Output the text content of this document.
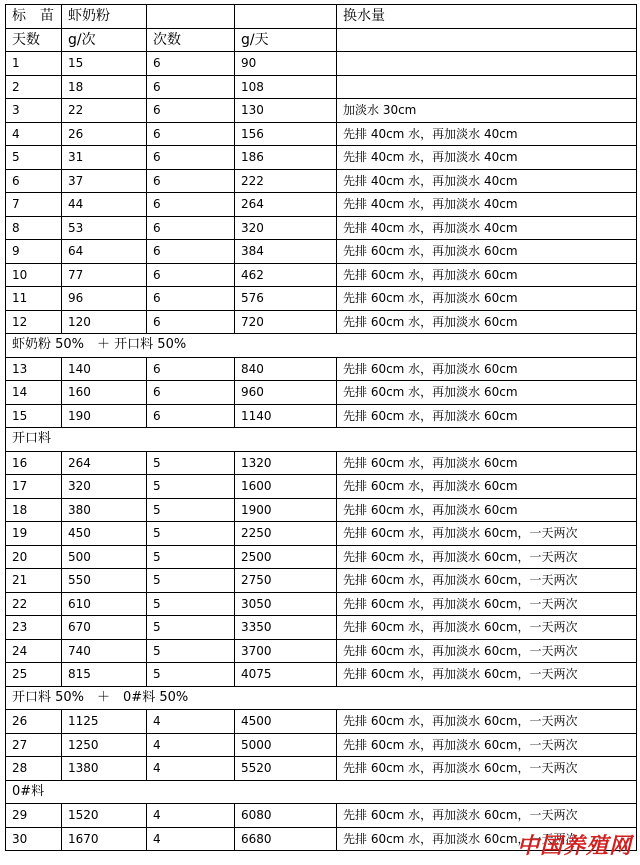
标　苗	虾奶粉			换水量
天数	g/次	次数	g/天	
1	15	6	90	
2	18	6	108	
3	22	6	130	加淡水 30cm
4	26	6	156	先排 40cm 水，再加淡水 40cm
5	31	6	186	先排 40cm 水，再加淡水 40cm
6	37	6	222	先排 40cm 水，再加淡水 40cm
7	44	6	264	先排 40cm 水，再加淡水 40cm
8	53	6	320	先排 40cm 水，再加淡水 40cm
9	64	6	384	先排 60cm 水，再加淡水 60cm
10	77	6	462	先排 60cm 水，再加淡水 60cm
11	96	6	576	先排 60cm 水，再加淡水 60cm
12	120	6	720	先排 60cm 水，再加淡水 60cm
虾奶粉 50%　＋ 开口料 50%				
13	140	6	840	先排 60cm 水，再加淡水 60cm
14	160	6	960	先排 60cm 水，再加淡水 60cm
15	190	6	1140	先排 60cm 水，再加淡水 60cm
开口料				
16	264	5	1320	先排 60cm 水，再加淡水 60cm
17	320	5	1600	先排 60cm 水，再加淡水 60cm
18	380	5	1900	先排 60cm 水，再加淡水 60cm
19	450	5	2250	先排 60cm 水，再加淡水 60cm，一天两次
20	500	5	2500	先排 60cm 水，再加淡水 60cm，一天两次
21	550	5	2750	先排 60cm 水，再加淡水 60cm，一天两次
22	610	5	3050	先排 60cm 水，再加淡水 60cm，一天两次
23	670	5	3350	先排 60cm 水，再加淡水 60cm，一天两次
24	740	5	3700	先排 60cm 水，再加淡水 60cm，一天两次
25	815	5	4075	先排 60cm 水，再加淡水 60cm，一天两次
开口料 50%　＋　0#料 50%				
26	1125	4	4500	先排 60cm 水，再加淡水 60cm，一天两次
27	1250	4	5000	先排 60cm 水，再加淡水 60cm，一天两次
28	1380	4	5520	先排 60cm 水，再加淡水 60cm，一天两次
0#料				
29	1520	4	6080	先排 60cm 水，再加淡水 60cm，一天两次
30	1670	4	6680	先排 60cm 水，再加淡水 60cm，一天两次
中国养殖网
